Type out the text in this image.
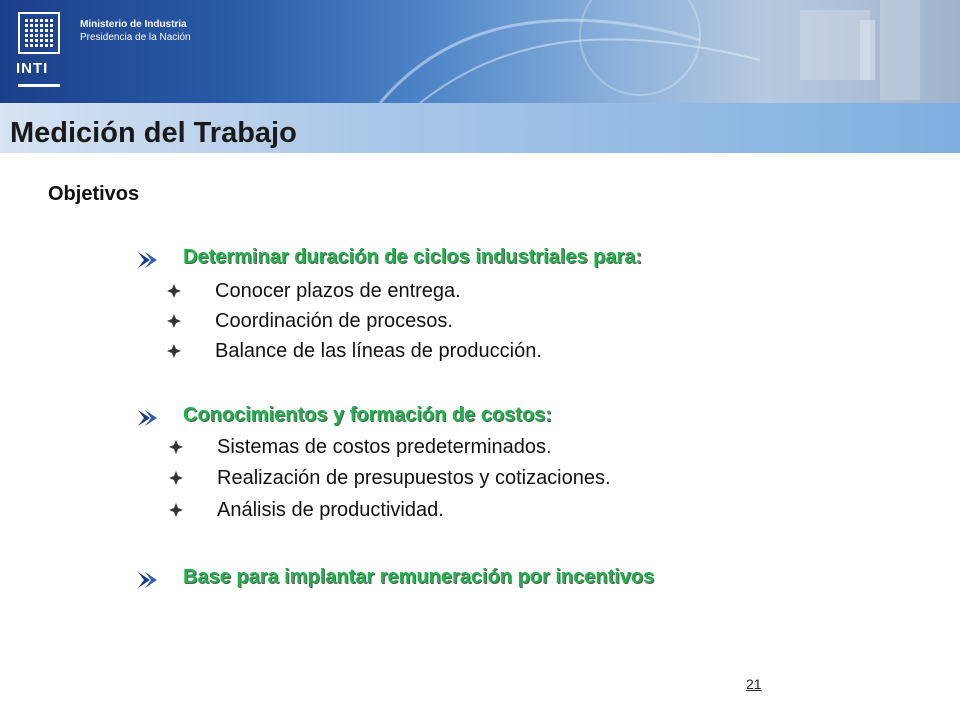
INTI
Ministerio de Industria
Presidencia de la Nación
Medición del Trabajo
Objetivos
Determinar duración de ciclos industriales para:
Conocer plazos de entrega.
Coordinación de procesos.
Balance de las líneas de producción.
Conocimientos y formación de costos:
Sistemas de costos predeterminados.
Realización de presupuestos y cotizaciones.
Análisis de productividad.
Base para implantar remuneración por incentivos
21
